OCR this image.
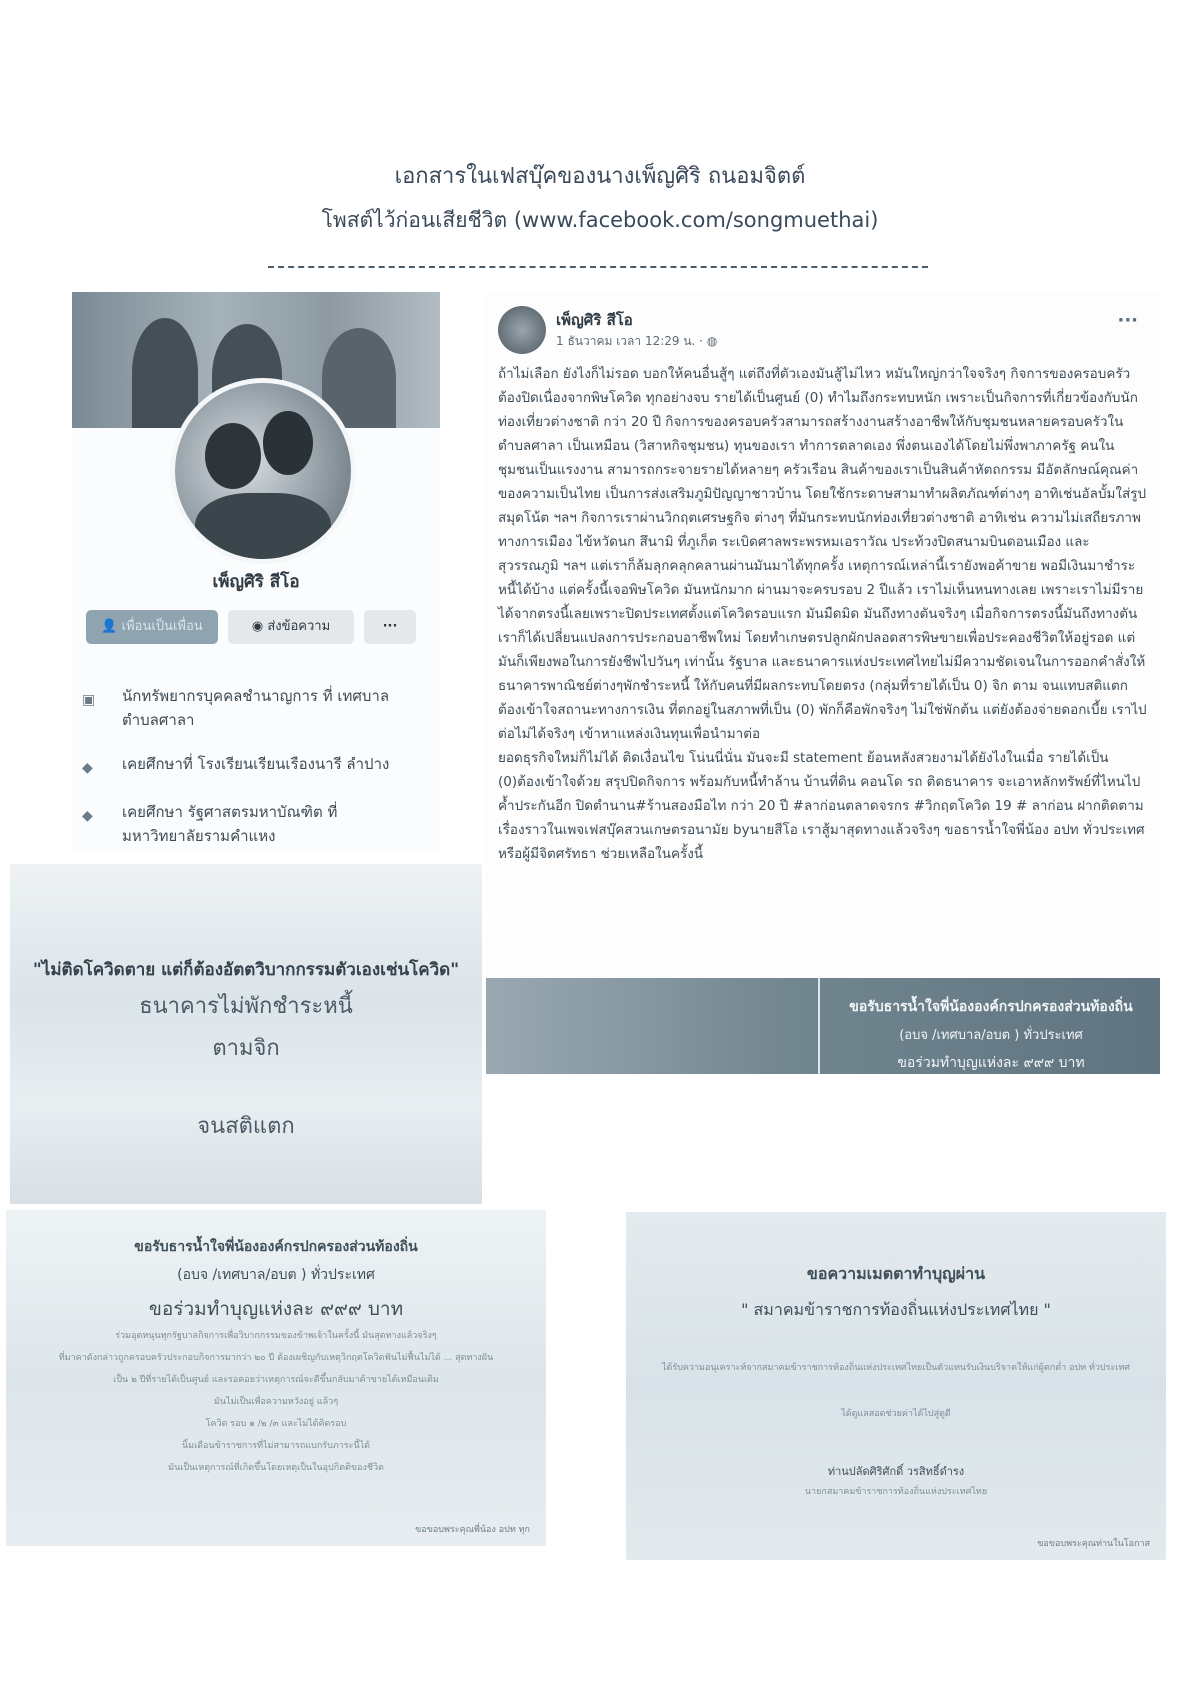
เอกสารในเฟสบุ๊คของนางเพ็ญศิริ ถนอมจิตต์
โพสต์ไว้ก่อนเสียชีวิต (www.facebook.com/songmuethai)
เพ็ญศิริ สีโอ
👤 เพื่อนเป็นเพื่อน	◉ ส่งข้อความ	···
▣	นักทรัพยากรบุคคลชำนาญการ ที่ เทศบาลตำบลศาลา
◆	เคยศึกษาที่ โรงเรียนเรียนเรืองนารี ลำปาง
◆	เคยศึกษา รัฐศาสตรมหาบัณฑิต ที่ มหาวิทยาลัยรามคำแหง
"ไม่ติดโควิดตาย แต่ก็ต้องอัตตวิบากกรรมตัวเองเช่นโควิด"
ธนาคารไม่พักชำระหนี้
ตามจิก
จนสติแตก
เพ็ญศิริ สีโอ
1 ธันวาคม เวลา 12:29 น. · ◍
···

ถ้าไม่เลือก ยังไงก็ไม่รอด บอกให้คนอื่นสู้ๆ แต่ถึงที่ตัวเองมันสู้ไม่ไหว หมันใหญ่กว่าใจจริงๆ กิจการของครอบครัวต้องปิดเนื่องจากพิษโควิด ทุกอย่างจบ รายได้เป็นศูนย์ (0) ทำไมถึงกระทบหนัก เพราะเป็นกิจการที่เกี่ยวข้องกับนักท่องเที่ยวต่างชาติ กว่า 20 ปี กิจการของครอบครัวสามารถสร้างงานสร้างอาชีพให้กับชุมชนหลายครอบครัวในตำบลศาลา เป็นเหมือน (วิสาหกิจชุมชน) ทุนของเรา ทำการตลาดเอง พึ่งตนเองได้โดยไม่พึ่งพาภาครัฐ คนในชุมชนเป็นแรงงาน สามารถกระจายรายได้หลายๆ ครัวเรือน สินค้าของเราเป็นสินค้าหัตถกรรม มีอัตลักษณ์คุณค่าของความเป็นไทย เป็นการส่งเสริมภูมิปัญญาชาวบ้าน โดยใช้กระดาษสามาทำผลิตภัณฑ์ต่างๆ อาทิเช่นอัลบั้มใส่รูป สมุดโน้ต ฯลฯ กิจการเราผ่านวิกฤตเศรษฐกิจ ต่างๆ ที่มันกระทบนักท่องเที่ยวต่างชาติ อาทิเช่น ความไม่เสถียรภาพทางการเมือง ไข้หวัดนก สึนามิ ที่ภูเก็ต ระเบิดศาลพระพรหมเอราวัณ ประท้วงปิดสนามบินดอนเมือง และสุวรรณภูมิ ฯลฯ แต่เราก็ล้มลุกคลุกคลานผ่านมันมาได้ทุกครั้ง เหตุการณ์เหล่านี้เรายังพอค้าขาย พอมีเงินมาชำระหนี้ได้บ้าง แต่ครั้งนี้เจอพิษโควิด มันหนักมาก ผ่านมาจะครบรอบ 2 ปีแล้ว เราไม่เห็นหนทางเลย เพราะเราไม่มีรายได้จากตรงนี้เลยเพราะปิดประเทศตั้งแต่โควิดรอบแรก มันมืดมิด มันถึงทางตันจริงๆ เมื่อกิจการตรงนี้มันถึงทางตัน เราก็ได้เปลี่ยนแปลงการประกอบอาชีพใหม่ โดยทำเกษตรปลูกผักปลอดสารพิษขายเพื่อประคองชีวิตให้อยู่รอด แต่มันก็เพียงพอในการยังชีพไปวันๆ เท่านั้น รัฐบาล และธนาคารแห่งประเทศไทยไม่มีความชัดเจนในการออกคำสั่งให้ธนาคารพาณิชย์ต่างๆพักชำระหนี้ ให้กับคนที่มีผลกระทบโดยตรง (กลุ่มที่รายได้เป็น 0) จิก ตาม จนแทบสติแตก ต้องเข้าใจสถานะทางการเงิน ที่ตกอยู่ในสภาพที่เป็น (0) พักก็คือพักจริงๆ ไม่ใช่พักต้น แต่ยังต้องจ่ายดอกเบี้ย เราไปต่อไม่ได้จริงๆ เข้าหาแหล่งเงินทุนเพื่อนำมาต่อ

ยอดธุรกิจใหม่ก็ไม่ได้ ติดเงื่อนไข โน่นนี่นั่น มันจะมี statement ย้อนหลังสวยงามได้ยังไงในเมื่อ รายได้เป็น (0)ต้องเข้าใจด้วย สรุปปิดกิจการ พร้อมกับหนี้ทำล้าน บ้านที่ดิน คอนโด รถ ติดธนาคาร จะเอาหลักทรัพย์ที่ไหนไปค้ำประกันอีก ปิดตำนาน#ร้านสองมือไท กว่า 20 ปี #ลาก่อนตลาดจรกร #วิกฤตโควิด 19 # ลาก่อน ฝากติดตามเรื่องราวในเพจเฟสบุ๊คสวนเกษตรอนามัย byนายสีโอ เราสู้มาสุดทางแล้วจริงๆ ขอธารน้ำใจพี่น้อง อปท ทั่วประเทศ หรือผู้มีจิตศรัทธา ช่วยเหลือในครั้งนี้

ขอรับธารน้ำใจพี่น้ององค์กรปกครองส่วนท้องถิ่น
(อบจ /เทศบาล/อบต ) ทั่วประเทศ
ขอร่วมทำบุญแห่งละ ๙๙๙ บาท
ขอรับธารน้ำใจพี่น้ององค์กรปกครองส่วนท้องถิ่น
(อบจ /เทศบาล/อบต ) ทั่วประเทศ
ขอร่วมทำบุญแห่งละ ๙๙๙ บาท
ร่วมอุดหนุนทุกรัฐบาลกิจการเพื่อวิบากกรรมของข้าพเจ้าในครั้งนี้ มันสุดทางแล้วจริงๆ
ที่มาคาดังกล่าวถูกครอบครัวประกอบกิจการมากว่า ๒๐ ปี ต้องเผชิญกับเหตุวิกฤตโควิดฟันไม่ฟื้นไม่ได้ ... สุดทางฝัน
เป็น ๒ ปีที่รายได้เป็นศูนย์ และรอคอยว่าเหตุการณ์จะดีขึ้นกลับมาค้าขายได้เหมือนเดิม
มันไม่เป็นเพื่อความหวังอยู่ แล้วๆ
โควิด รอบ ๑ /๒ /๓ และไม่ได้คิดรอบ
นิ้มเดือนข้าราชการที่ไม่สามารถแบกรับภาระนี้ได้
มันเป็นเหตุการณ์ที่เกิดขึ้นโดยเหตุเป็นในอุปกิตติของชีวิต
ขอขอบพระคุณพี่น้อง อปท ทุก
ขอความเมตตาทำบุญผ่าน
" สมาคมข้าราชการท้องถิ่นแห่งประเทศไทย "
ได้รับความอนุเคราะห์จากสมาคมข้าราชการท้องถิ่นแห่งประเทศไทยเป็นตัวแทนรับเงินบริจาคให้แก่ผู้ตกต่ำ อปท ทั่วประเทศ
ได้ดูแลสอดช่วยค่าได้ไปสู่ดูดี
ท่านปลัดศิริศักดิ์ วรสิทธิ์ดำรง
นายกสมาคมข้าราชการท้องถิ่นแห่งประเทศไทย
ขอขอบพระคุณท่านในโอกาส
